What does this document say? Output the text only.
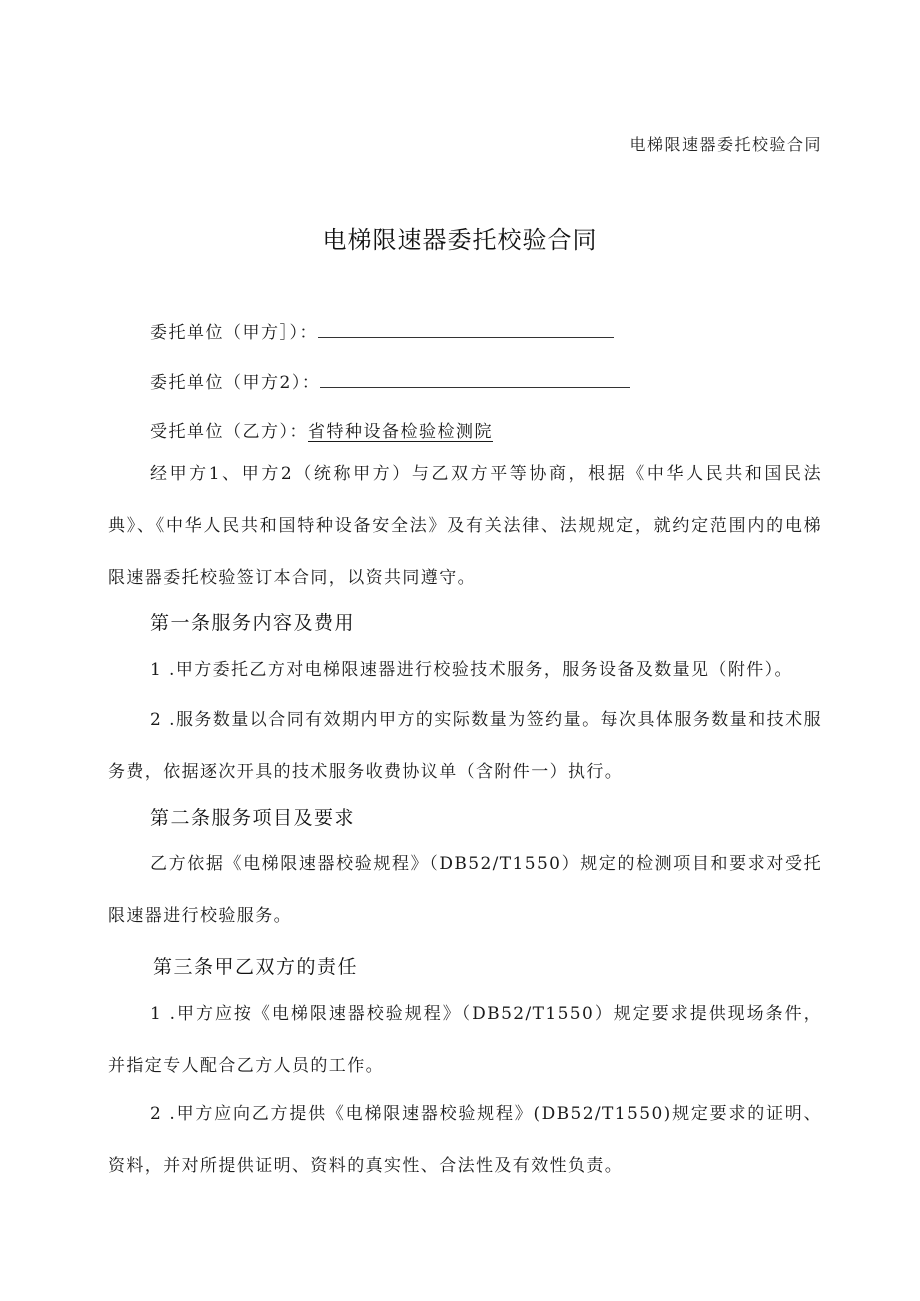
电梯限速器委托校验合同
电梯限速器委托校验合同
委托单位（甲方］）：
委托单位（甲方2）：
受托单位（乙方）： 省特种设备检验检测院

经甲方1、甲方2（统称甲方）与乙双方平等协商，根据《中华人民共和国民法典》、《中华人民共和国特种设备安全法》及有关法律、法规规定，就约定范围内的电梯限速器委托校验签订本合同，以资共同遵守。

第一条服务内容及费用

1 .甲方委托乙方对电梯限速器进行校验技术服务，服务设备及数量见（附件）。

2 .服务数量以合同有效期内甲方的实际数量为签约量。每次具体服务数量和技术服务费，依据逐次开具的技术服务收费协议单（含附件一）执行。

第二条服务项目及要求

乙方依据《电梯限速器校验规程》（DB52/T1550）规定的检测项目和要求对受托限速器进行校验服务。

第三条甲乙双方的责任

1 .甲方应按《电梯限速器校验规程》（DB52/T1550）规定要求提供现场条件，并指定专人配合乙方人员的工作。

2 .甲方应向乙方提供《电梯限速器校验规程》(DB52/T1550)规定要求的证明、资料，并对所提供证明、资料的真实性、合法性及有效性负责。
